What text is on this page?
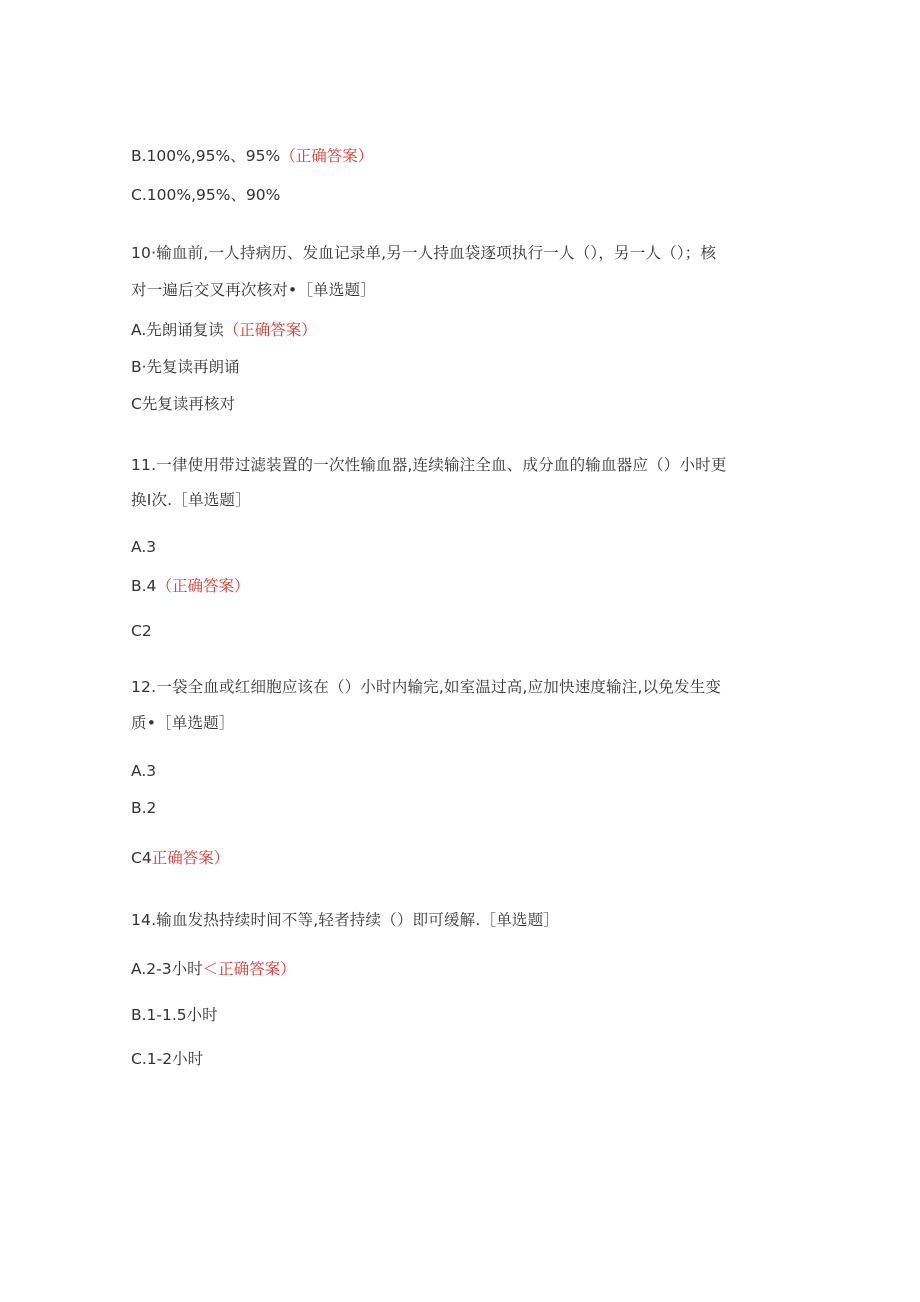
B.100%,95%、95%（正确答案）
C.100%,95%、90%
10·输血前,一人持病历、发血记录单,另一人持血袋逐项执行一人（），另一人（）；核
对一遍后交叉再次核对•［单选题］
A.先朗诵复读（正确答案）
B·先复读再朗诵
C先复读再核对
11.一律使用带过滤装置的一次性输血器,连续输注全血、成分血的输血器应（）小时更
换I次.［单选题］
A.3
B.4（正确答案）
C2
12.一袋全血或红细胞应该在（）小时内输完,如室温过高,应加快速度输注,以免发生变
质•［单选题］
A.3
B.2
C4正确答案）
14.输血发热持续时间不等,轻者持续（）即可缓解.［单选题］
A.2-3小时＜正确答案）
B.1-1.5小时
C.1-2小时
